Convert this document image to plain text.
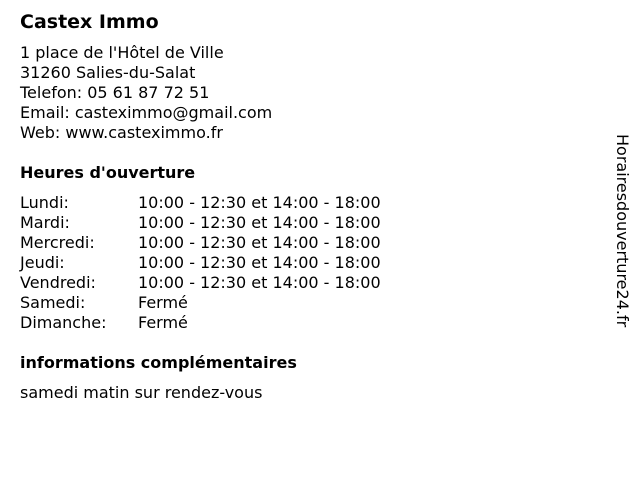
Castex Immo
1 place de l'Hôtel de Ville
31260 Salies-du-Salat
Telefon: 05 61 87 72 51
Email: casteximmo@gmail.com
Web: www.casteximmo.fr
Heures d'ouverture
Lundi:	10:00 - 12:30 et 14:00 - 18:00
Mardi:	10:00 - 12:30 et 14:00 - 18:00
Mercredi:	10:00 - 12:30 et 14:00 - 18:00
Jeudi:	10:00 - 12:30 et 14:00 - 18:00
Vendredi:	10:00 - 12:30 et 14:00 - 18:00
Samedi:	Fermé
Dimanche:	Fermé
informations complémentaires
samedi matin sur rendez-vous
Horairesdouverture24.fr
